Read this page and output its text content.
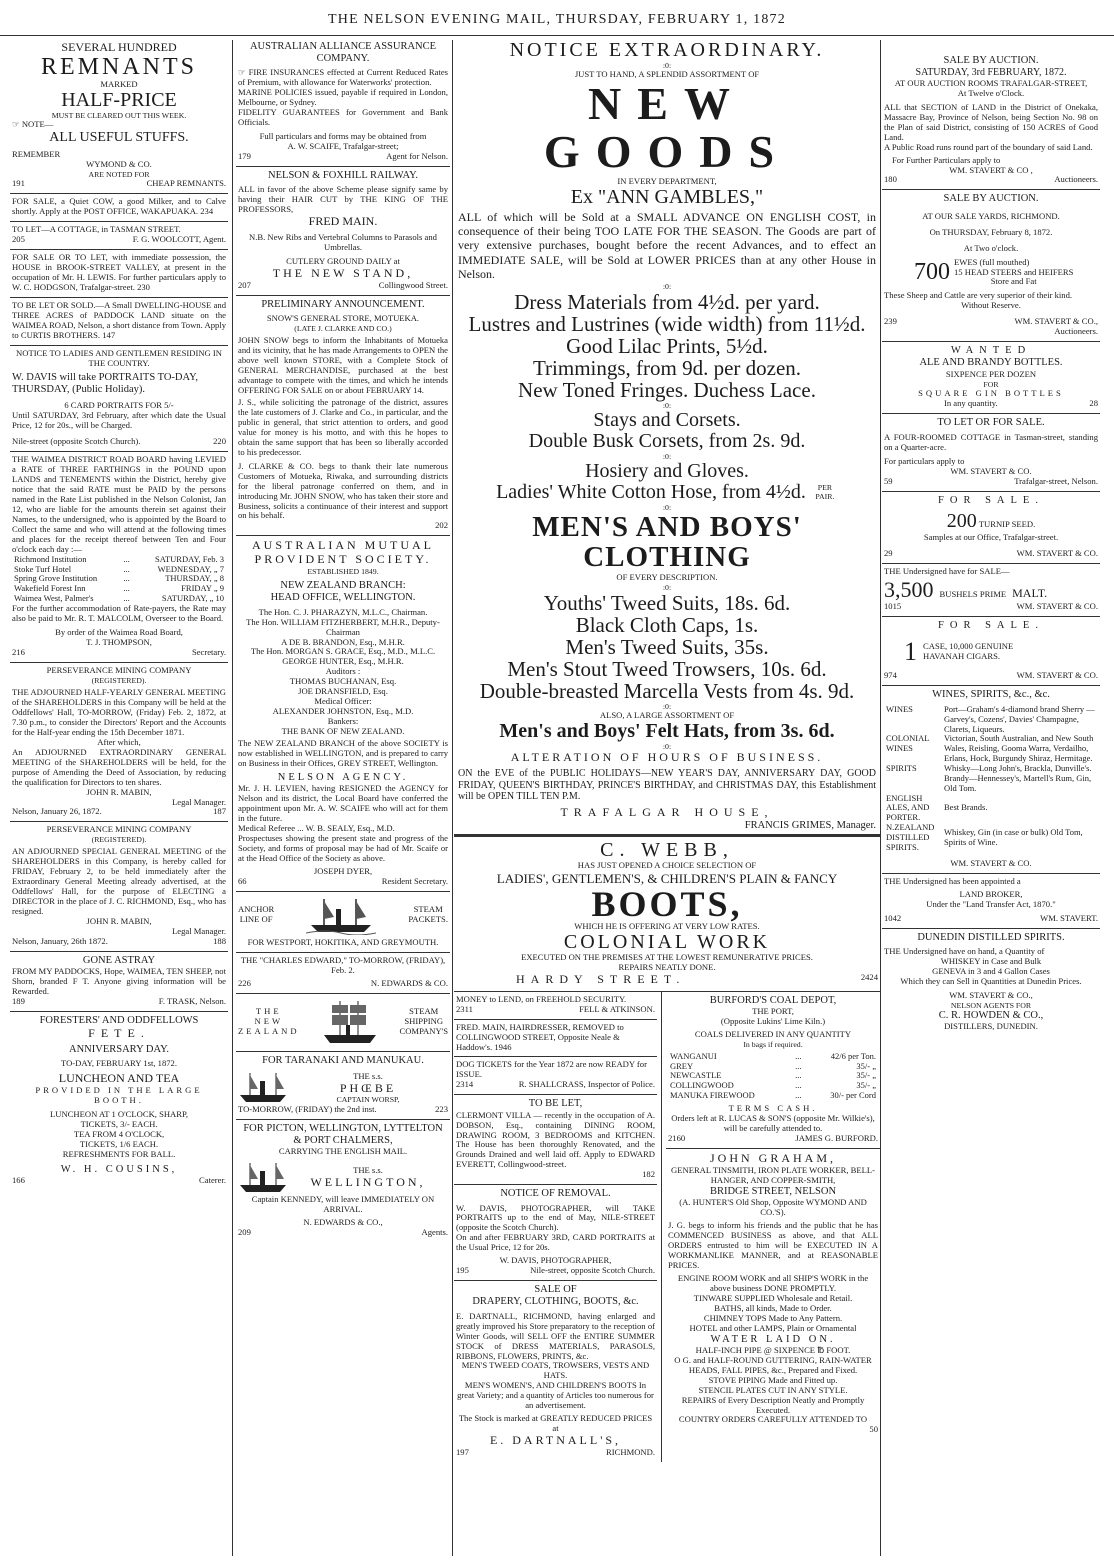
THE NELSON EVENING MAIL, THURSDAY, FEBRUARY 1, 1872
SEVERAL HUNDRED
REMNANTS
MARKED
HALF-PRICE
MUST BE CLEARED OUT THIS WEEK.
☞ NOTE—
ALL USEFUL STUFFS.
REMEMBER
WYMOND & CO.
ARE NOTED FOR
191	CHEAP REMNANTS.
FOR SALE, a Quiet COW, a good Milker, and to Calve shortly. Apply at the POST OFFICE, WAKAPUAKA. 234
TO LET—A COTTAGE, in TASMAN STREET.
205	F. G. WOOLCOTT, Agent.
FOR SALE OR TO LET, with immediate possession, the HOUSE in BROOK-STREET VALLEY, at present in the occupation of Mr. H. LEWIS. For further particulars apply to W. C. HODGSON, Trafalgar-street. 230
TO BE LET OR SOLD.—A Small DWELLING-HOUSE and THREE ACRES of PADDOCK LAND situate on the WAIMEA ROAD, Nelson, a short distance from Town. Apply to CURTIS BROTHERS. 147
NOTICE TO LADIES AND GENTLEMEN RESIDING IN THE COUNTRY.
W. DAVIS will take PORTRAITS TO-DAY, THURSDAY, (Public Holiday).
6 CARD PORTRAITS FOR 5/-
Until SATURDAY, 3rd February, after which date the Usual Price, 12 for 20s., will be Charged.
Nile-street (opposite Scotch Church).	220
THE WAIMEA DISTRICT ROAD BOARD having LEVIED a RATE of THREE FARTHINGS in the POUND upon LANDS and TENEMENTS within the District, hereby give notice that the said RATE must be PAID by the persons named in the Rate List published in the Nelson Colonist, Jan 12, who are liable for the amounts therein set against their Names, to the undersigned, who is appointed by the Board to Collect the same and who will attend at the following times and places for the receipt thereof between Ten and Four o'clock each day :—
Richmond Institution	...	SATURDAY, Feb. 3
Stoke Turf Hotel	...	WEDNESDAY, „ 7
Spring Grove Institution	...	THURSDAY, „ 8
Wakefield Forest Inn	...	FRIDAY „ 9
Waimea West, Palmer's	...	SATURDAY, „ 10
For the further accommodation of Rate-payers, the Rate may also be paid to Mr. R. T. MALCOLM, Overseer to the Board.
By order of the Waimea Road Board,
T. J. THOMPSON,
216	Secretary.
PERSEVERANCE MINING COMPANY
(REGISTERED).
THE ADJOURNED HALF-YEARLY GENERAL MEETING of the SHAREHOLDERS in this Company will be held at the Oddfellows' Hall, TO-MORROW, (Friday) Feb. 2, 1872, at 7.30 p.m., to consider the Directors' Report and the Accounts for the Half-year ending the 15th December 1871.
After which,
An ADJOURNED EXTRAORDINARY GENERAL MEETING of the SHAREHOLDERS will be held, for the purpose of Amending the Deed of Association, by reducing the qualification for Directors to ten shares.
JOHN R. MABIN,
Legal Manager.
Nelson, January 26, 1872.	187
PERSEVERANCE MINING COMPANY
(REGISTERED).
AN ADJOURNED SPECIAL GENERAL MEETING of the SHAREHOLDERS in this Company, is hereby called for FRIDAY, February 2, to be held immediately after the Extraordinary General Meeting already advertised, at the Oddfellows' Hall, for the purpose of ELECTING a DIRECTOR in the place of J. C. RICHMOND, Esq., who has resigned.
JOHN R. MABIN,
Legal Manager.
Nelson, January, 26th 1872.	188
GONE ASTRAY
FROM MY PADDOCKS, Hope, WAIMEA, TEN SHEEP, not Shorn, branded F T. Anyone giving information will be Rewarded.
189	F. TRASK, Nelson.
FORESTERS' AND ODDFELLOWS
FETE.
ANNIVERSARY DAY.
TO-DAY, FEBRUARY 1st, 1872.
LUNCHEON AND TEA
PROVIDED IN THE LARGE BOOTH.
LUNCHEON AT 1 O'CLOCK, SHARP,
TICKETS, 3/- EACH.
TEA FROM 4 O'CLOCK,
TICKETS, 1/6 EACH.
REFRESHMENTS FOR BALL.
W. H. COUSINS,
166	Caterer.
AUSTRALIAN ALLIANCE ASSURANCE COMPANY.
☞ FIRE INSURANCES effected at Current Reduced Rates of Premium, with allowance for Waterworks' protection.
MARINE POLICIES issued, payable if required in London, Melbourne, or Sydney.
FIDELITY GUARANTEES for Government and Bank Officials.
Full particulars and forms may be obtained from
A. W. SCAIFE, Trafalgar-street;
179	Agent for Nelson.
NELSON & FOXHILL RAILWAY.
ALL in favor of the above Scheme please signify same by having their HAIR CUT by THE KING OF THE PROFESSORS,
FRED MAIN.
N.B. New Ribs and Vertebral Columns to Parasols and Umbrellas.
CUTLERY GROUND DAILY at
THE NEW STAND,
207	Collingwood Street.
PRELIMINARY ANNOUNCEMENT.
SNOW'S GENERAL STORE, MOTUEKA.
(LATE J. CLARKE AND CO.)
JOHN SNOW begs to inform the Inhabitants of Motueka and its vicinity, that he has made Arrangements to OPEN the above well known STORE, with a Complete Stock of GENERAL MERCHANDISE, purchased at the best advantage to compete with the times, and which he intends OFFERING FOR SALE on or about FEBRUARY 14.
J. S., while soliciting the patronage of the district, assures the late customers of J. Clarke and Co., in particular, and the public in general, that strict attention to orders, and good value for money is his motto, and with this he hopes to obtain the same support that has been so liberally accorded to his predecessor.
J. CLARKE & CO. begs to thank their late numerous Customers of Motueka, Riwaka, and surrounding districts for the liberal patronage conferred on them, and in introducing Mr. JOHN SNOW, who has taken their store and Business, solicits a continuance of their interest and support on his behalf.
202
AUSTRALIAN MUTUAL
PROVIDENT SOCIETY.
ESTABLISHED 1849.
NEW ZEALAND BRANCH:
HEAD OFFICE, WELLINGTON.
The Hon. C. J. PHARAZYN, M.L.C., Chairman.
The Hon. WILLIAM FITZHERBERT, M.H.R., Deputy-Chairman
A DE B. BRANDON, Esq., M.H.R.
The Hon. MORGAN S. GRACE, Esq., M.D., M.L.C.
GEORGE HUNTER, Esq., M.H.R.
Auditors :
THOMAS BUCHANAN, Esq.
JOE DRANSFIELD, Esq.
Medical Officer:
ALEXANDER JOHNSTON, Esq., M.D.
Bankers:
THE BANK OF NEW ZEALAND.
The NEW ZEALAND BRANCH of the above SOCIETY is now established in WELLINGTON, and is prepared to carry on Business in their Offices, GREY STREET, Wellington.
NELSON AGENCY.
Mr. J. H. LEVIEN, having RESIGNED the AGENCY for Nelson and its district, the Local Board have conferred the appointment upon Mr. A. W. SCAIFE who will act for them in the future.
Medical Referee ... W. B. SEALY, Esq., M.D.
Prospectuses showing the present state and progress of the Society, and forms of proposal may be had of Mr. Scaife or at the Head Office of the Society as above.
JOSEPH DYER,
66	Resident Secretary.
ANCHOR
LINE OF
STEAM
PACKETS.
FOR WESTPORT, HOKITIKA, AND GREYMOUTH.
THE "CHARLES EDWARD," TO-MORROW, (FRIDAY), Feb. 2.
226	N. EDWARDS & CO.
THE
NEW
ZEALAND
STEAM
SHIPPING
COMPANY'S
FOR TARANAKI AND MANUKAU.
THE s.s.
PHŒBE
CAPTAIN WORSP,
TO-MORROW, (FRIDAY) the 2nd inst.	223
FOR PICTON, WELLINGTON, LYTTELTON & PORT CHALMERS,
CARRYING THE ENGLISH MAIL.
THE s.s.
WELLINGTON,
Captain KENNEDY, will leave IMMEDIATELY ON ARRIVAL.
N. EDWARDS & CO.,
209	Agents.
NOTICE EXTRAORDINARY.
:0:
JUST TO HAND, A SPLENDID ASSORTMENT OF
NEW GOODS
IN EVERY DEPARTMENT,
Ex "ANN GAMBLES,"
ALL of which will be Sold at a SMALL ADVANCE ON ENGLISH COST, in consequence of their being TOO LATE FOR THE SEASON. The Goods are part of very extensive purchases, bought before the recent Advances, and to effect an IMMEDIATE SALE, will be Sold at LOWER PRICES than at any other House in Nelson.
:0:
Dress Materials from 4½d. per yard.
Lustres and Lustrines (wide width) from 11½d.
Good Lilac Prints, 5½d.
Trimmings, from 9d. per dozen.
New Toned Fringes. Duchess Lace.
:0:
Stays and Corsets.
Double Busk Corsets, from 2s. 9d.
:0:
Hosiery and Gloves.
Ladies' White Cotton Hose, from 4½d.	PER PAIR.
:0:
MEN'S AND BOYS' CLOTHING
OF EVERY DESCRIPTION.
:0:
Youths' Tweed Suits, 18s. 6d.
Black Cloth Caps, 1s.
Men's Tweed Suits, 35s.
Men's Stout Tweed Trowsers, 10s. 6d.
Double-breasted Marcella Vests from 4s. 9d.
:0:
ALSO, A LARGE ASSORTMENT OF
Men's and Boys' Felt Hats, from 3s. 6d.
:0:
ALTERATION OF HOURS OF BUSINESS.
ON the EVE of the PUBLIC HOLIDAYS—NEW YEAR'S DAY, ANNIVERSARY DAY, GOOD FRIDAY, QUEEN'S BIRTHDAY, PRINCE'S BIRTHDAY, and CHRISTMAS DAY, this Establishment will be OPEN TILL TEN P.M.
TRAFALGAR HOUSE,
FRANCIS GRIMES, Manager.
C. WEBB,
HAS JUST OPENED A CHOICE SELECTION OF
LADIES', GENTLEMEN'S, & CHILDREN'S PLAIN & FANCY
BOOTS,
WHICH HE IS OFFERING AT VERY LOW RATES.
COLONIAL WORK
EXECUTED ON THE PREMISES AT THE LOWEST REMUNERATIVE PRICES.
REPAIRS NEATLY DONE.
HARDY STREET.	2424
MONEY to LEND, on FREEHOLD SECURITY.
2311	FELL & ATKINSON.
FRED. MAIN, HAIRDRESSER, REMOVED to COLLINGWOOD STREET, Opposite Neale & Haddow's. 1946
DOG TICKETS for the Year 1872 are now READY for ISSUE.
2314	R. SHALLCRASS, Inspector of Police.
TO BE LET,
CLERMONT VILLA — recently in the occupation of A. DOBSON, Esq., containing DINING ROOM, DRAWING ROOM, 3 BEDROOMS and KITCHEN. The House has been thoroughly Renovated, and the Grounds Drained and well laid off. Apply to EDWARD EVERETT, Collingwood-street.
182
NOTICE OF REMOVAL.
W. DAVIS, PHOTOGRAPHER, will TAKE PORTRAITS up to the end of May, NILE-STREET (opposite the Scotch Church).
On and after FEBRUARY 3RD, CARD PORTRAITS at the Usual Price, 12 for 20s.
W. DAVIS, PHOTOGRAPHER,
195	Nile-street, opposite Scotch Church.
SALE OF
DRAPERY, CLOTHING, BOOTS, &c.
E. DARTNALL, RICHMOND, having enlarged and greatly improved his Store preparatory to the reception of Winter Goods, will SELL OFF the ENTIRE SUMMER STOCK of DRESS MATERIALS, PARASOLS, RIBBONS, FLOWERS, PRINTS, &c.
MEN'S TWEED COATS, TROWSERS, VESTS AND HATS.
MEN'S WOMEN'S, AND CHILDREN'S BOOTS In great Variety; and a quantity of Articles too numerous for an advertisement.
The Stock is marked at GREATLY REDUCED PRICES at
E. DARTNALL'S,
197	RICHMOND.
BURFORD'S COAL DEPOT,
THE PORT,
(Opposite Lukins' Lime Kiln.)
COALS DELIVERED IN ANY QUANTITY
In bags if required.
WANGANUI	...	42/6 per Ton.
GREY	...	35/- „
NEWCASTLE	...	35/- „
COLLINGWOOD	...	35/- „
MANUKA FIREWOOD	...	30/- per Cord
TERMS CASH.
Orders left at R. LUCAS & SON'S (opposite Mr. Wilkie's), will be carefully attended to.
2160	JAMES G. BURFORD.
JOHN GRAHAM,
GENERAL TINSMITH, IRON PLATE WORKER, BELL-HANGER, AND COPPER-SMITH,
BRIDGE STREET, NELSON
(A. HUNTER'S Old Shop, Opposite WYMOND AND CO.'S).
J. G. begs to inform his friends and the public that he has COMMENCED BUSINESS as above, and that ALL ORDERS entrusted to him will be EXECUTED IN A WORKMANLIKE MANNER, and at REASONABLE PRICES.
ENGINE ROOM WORK and all SHIP'S WORK in the above business DONE PROMPTLY.
TINWARE SUPPLIED Wholesale and Retail.
BATHS, all kinds, Made to Order.
CHIMNEY TOPS Made to Any Pattern.
HOTEL and other LAMPS, Plain or Ornamental
WATER LAID ON.
HALF-INCH PIPE @ SIXPENCE ℔ FOOT.
O G. and HALF-ROUND GUTTERING, RAIN-WATER HEADS, FALL PIPES, &c., Prepared and Fixed.
STOVE PIPING Made and Fitted up.
STENCIL PLATES CUT IN ANY STYLE.
REPAIRS of Every Description Neatly and Promptly Executed.
COUNTRY ORDERS CAREFULLY ATTENDED TO
50
SALE BY AUCTION.
SATURDAY, 3rd FEBRUARY, 1872.
AT OUR AUCTION ROOMS TRAFALGAR-STREET,
At Twelve o'Clock.
ALL that SECTION of LAND in the District of Onekaka, Massacre Bay, Province of Nelson, being Section No. 98 on the Plan of said District, consisting of 150 ACRES of Good Land.
A Public Road runs round part of the boundary of said Land.
For Further Particulars apply to
WM. STAVERT & CO ,
180	Auctioneers.
SALE BY AUCTION.
AT OUR SALE YARDS, RICHMOND.
On THURSDAY, February 8, 1872.
At Two o'clock.
700 EWES (full mouthed)
15 HEAD STEERS and HEIFERS
Store and Fat
These Sheep and Cattle are very superior of their kind.
Without Reserve.
239	WM. STAVERT & CO.,
Auctioneers.
WANTED
ALE AND BRANDY BOTTLES.
SIXPENCE PER DOZEN
FOR
SQUARE GIN BOTTLES
In any quantity.	28
TO LET OR FOR SALE.
A FOUR-ROOMED COTTAGE in Tasman-street, standing on a Quarter-acre.
For particulars apply to
WM. STAVERT & CO.
59	Trafalgar-street, Nelson.
FOR SALE.
200 TURNIP SEED.
Samples at our Office, Trafalgar-street.
29	WM. STAVERT & CO.
THE Undersigned have for SALE—
3,500 BUSHELS PRIME MALT.
1015	WM. STAVERT & CO.
FOR SALE.
1 CASE, 10,000 GENUINE HAVANAH CIGARS.
974	WM. STAVERT & CO.
WINES, SPIRITS, &c., &c.
WINES	Port—Graham's 4-diamond brand Sherry — Garvey's, Cozens', Davies' Champagne, Clarets, Liqueurs.
COLONIAL WINES	Victorian, South Australian, and New South Wales, Reisling, Gooma Warra, Verdailho, Erlans, Hock, Burgundy Shiraz, Hermitage.
SPIRITS	Whisky—Long John's, Brackla, Dunville's. Brandy—Hennessey's, Martell's Rum, Gin, Old Tom.
ENGLISH ALES, AND PORTER.	Best Brands.
N.ZEALAND DISTILLED SPIRITS.	Whiskey, Gin (in case or bulk) Old Tom, Spirits of Wine.
WM. STAVERT & CO.
THE Undersigned has been appointed a
LAND BROKER,
Under the "Land Transfer Act, 1870."
1042	WM. STAVERT.
DUNEDIN DISTILLED SPIRITS.
THE Undersigned have on hand, a Quantity of
WHISKEY in Case and Bulk
GENEVA in 3 and 4 Gallon Cases
Which they can Sell in Quantities at Dunedin Prices.
WM. STAVERT & CO.,
NELSON AGENTS FOR
C. R. HOWDEN & CO.,
DISTILLERS, DUNEDIN.
